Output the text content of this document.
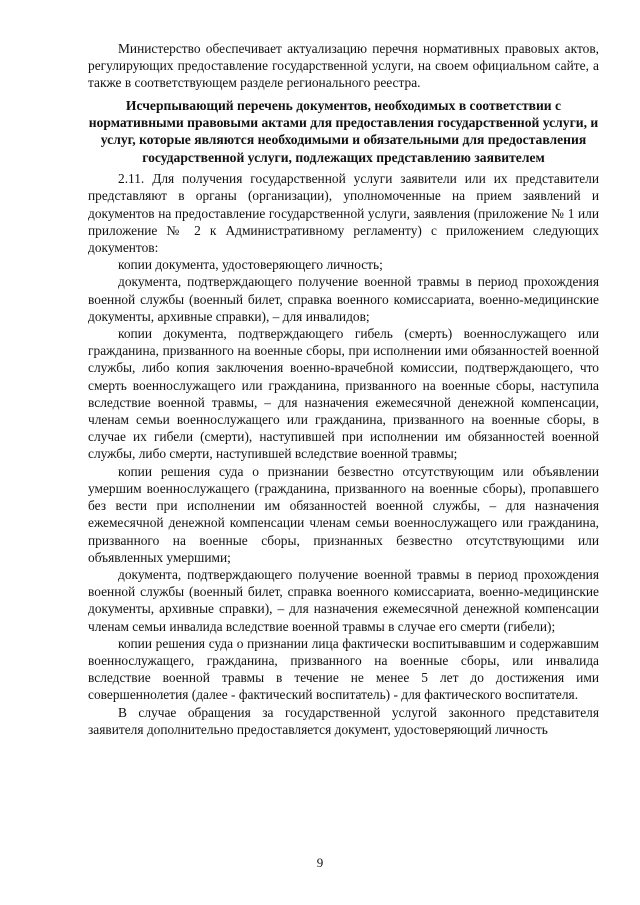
Министерство обеспечивает актуализацию перечня нормативных правовых актов, регулирующих предоставление государственной услуги, на своем официальном сайте, а также в соответствующем разделе регионального реестра.

Исчерпывающий перечень документов, необходимых в соответствии с нормативными правовыми актами для предоставления государственной услуги, и услуг, которые являются необходимыми и обязательными для предоставления государственной услуги, подлежащих представлению заявителем

2.11. Для получения государственной услуги заявители или их представители представляют в органы (организации), уполномоченные на прием заявлений и документов на предоставление государственной услуги, заявления (приложение № 1 или приложение № 2 к Административному регламенту) с приложением следующих документов:

копии документа, удостоверяющего личность;

документа, подтверждающего получение военной травмы в период прохождения военной службы (военный билет, справка военного комиссариата, военно-медицинские документы, архивные справки), – для инвалидов;

копии документа, подтверждающего гибель (смерть) военнослужащего или гражданина, призванного на военные сборы, при исполнении ими обязанностей военной службы, либо копия заключения военно-врачебной комиссии, подтверждающего, что смерть военнослужащего или гражданина, призванного на военные сборы, наступила вследствие военной травмы, – для назначения ежемесячной денежной компенсации, членам семьи военнослужащего или гражданина, призванного на военные сборы, в случае их гибели (смерти), наступившей при исполнении им обязанностей военной службы, либо смерти, наступившей вследствие военной травмы;

копии решения суда о признании безвестно отсутствующим или объявлении умершим военнослужащего (гражданина, призванного на военные сборы), пропавшего без вести при исполнении им обязанностей военной службы, – для назначения ежемесячной денежной компенсации членам семьи военнослужащего или гражданина, призванного на военные сборы, признанных безвестно отсутствующими или объявленных умершими;

документа, подтверждающего получение военной травмы в период прохождения военной службы (военный билет, справка военного комиссариата, военно-медицинские документы, архивные справки), – для назначения ежемесячной денежной компенсации членам семьи инвалида вследствие военной травмы в случае его смерти (гибели);

копии решения суда о признании лица фактически воспитывавшим и содержавшим военнослужащего, гражданина, призванного на военные сборы, или инвалида вследствие военной травмы в течение не менее 5 лет до достижения ими совершеннолетия (далее - фактический воспитатель) - для фактического воспитателя.

В случае обращения за государственной услугой законного представителя заявителя дополнительно предоставляется документ, удостоверяющий личность

9
